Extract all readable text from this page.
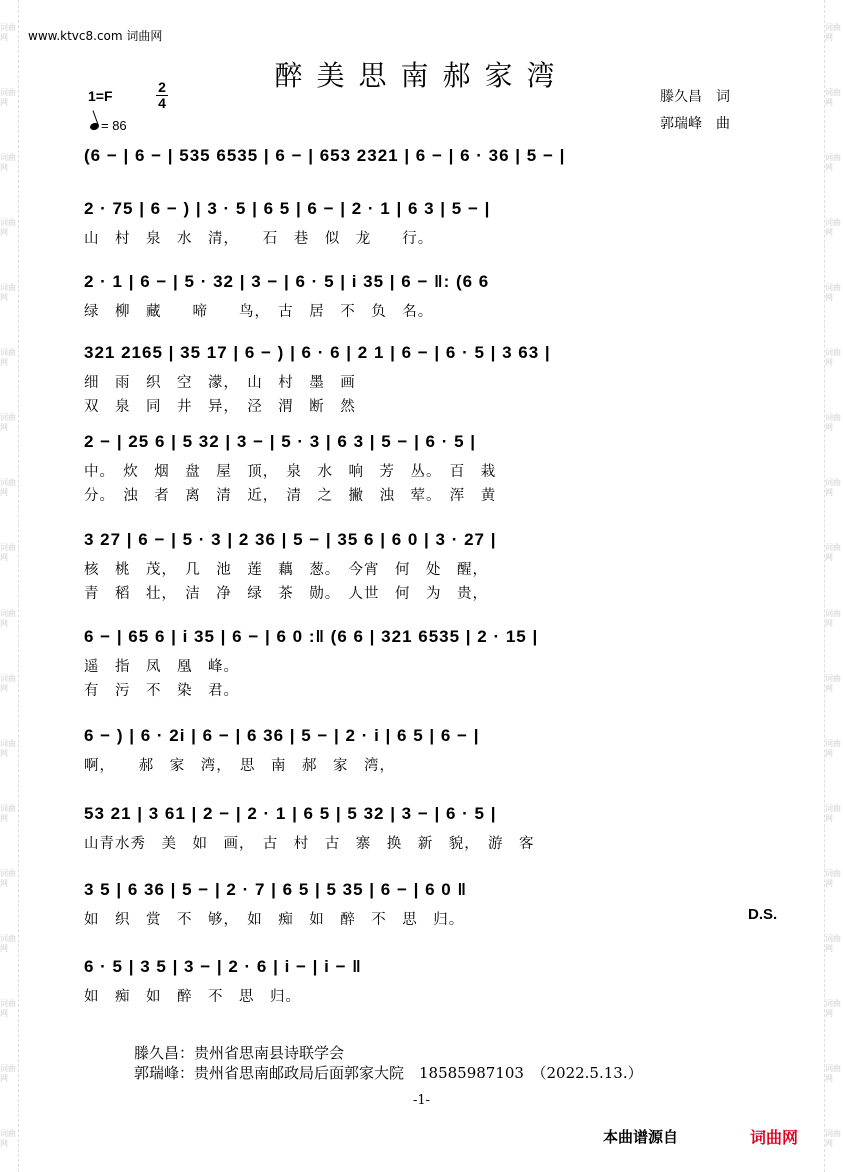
词曲网
词曲网
词曲网
词曲网
词曲网
词曲网
词曲网
词曲网
词曲网
词曲网
词曲网
词曲网
词曲网
词曲网
词曲网
词曲网
词曲网
词曲网
词曲网
词曲网
词曲网
词曲网
词曲网
词曲网
词曲网
词曲网
词曲网
词曲网
词曲网
词曲网
词曲网
词曲网
词曲网
词曲网
词曲网
词曲网
www.ktvc8.com 词曲网
醉美思南郝家湾
1=F
2
4
= 86
滕久昌　词
郭瑞峰　曲
(6 − | 6 − | 535 6535 | 6 − | 653 2321 | 6 − | 6 · 36 | 5 − |
2 · 75 | 6 − ) | 3 · 5 | 6 5 | 6 − | 2 · 1 | 6 3 | 5 − |
山　村　泉　水　清，　　石　巷　似　龙　　行。
2 · 1 | 6 − | 5 · 32 | 3 − | 6 · 5 | i 35 | 6 − ‖: (6 6
绿　柳　藏　　啼　　鸟，　古　居　不　负　名。
321 2165 | 35 17 | 6 − ) | 6 · 6 | 2 1 | 6 − | 6 · 5 | 3 63 |
细　雨　织　空　濛，　山　村　墨　画
双　泉　同　井　异，　泾　渭　断　然
2 − | 25 6 | 5 32 | 3 − | 5 · 3 | 6 3 | 5 − | 6 · 5 |
中。　炊　烟　盘　屋　顶，　泉　水　响　芳　丛。　百　栽
分。　浊　者　离　清　近，　清　之　撇　浊　荤。　浑　黄
3 27 | 6 − | 5 · 3 | 2 36 | 5 − | 35 6 | 6 0 | 3 · 27 |
核　桃　茂，　几　池　莲　藕　葱。　今宵　何　处　醒，
青　稻　壮，　洁　净　绿　茶　勋。　人世　何　为　贵，
6 − | 65 6 | i 35 | 6 − | 6 0 :‖ (6 6 | 321 6535 | 2 · 15 |
遥　指　凤　凰　峰。
有　污　不　染　君。
6 − ) | 6 · 2i | 6 − | 6 36 | 5 − | 2 · i | 6 5 | 6 − |
啊，　　郝　家　湾，　思　南　郝　家　湾，
53 21 | 3 61 | 2 − | 2 · 1 | 6 5 | 5 32 | 3 − | 6 · 5 |
山青水秀　美　如　画，　古　村　古　寨　换　新　貌，　游　客
3 5 | 6 36 | 5 − | 2 · 7 | 6 5 | 5 35 | 6 − | 6 0 ‖
如　织　赏　不　够，　如　痴　如　醉　不　思　归。
6 · 5 | 3 5 | 3 − | 2 · 6 | i − | i − ‖
如　痴　如　醉　不　思　归。
D.S.
滕久昌：贵州省思南县诗联学会
郭瑞峰：贵州省思南邮政局后面郭家大院　18585987103　（2022.5.13.）
-1-
本曲谱源自	词曲网
